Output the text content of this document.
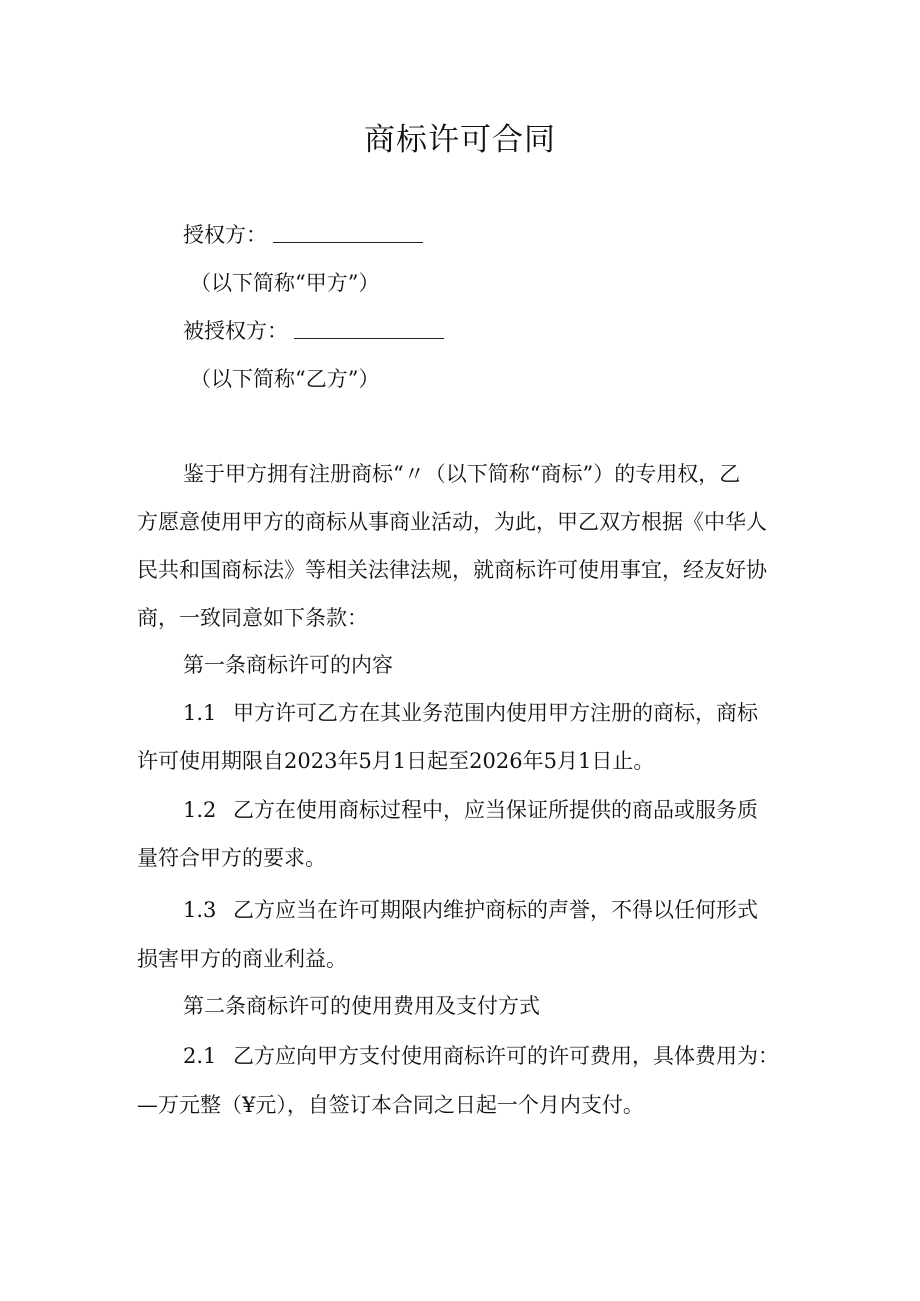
商标许可合同
授权方：
（以下简称“甲方”）
被授权方：
（以下简称“乙方”）
鉴于甲方拥有注册商标“〃（以下简称“商标”）的专用权，乙
方愿意使用甲方的商标从事商业活动，为此，甲乙双方根据《中华人
民共和国商标法》等相关法律法规，就商标许可使用事宜，经友好协
商，一致同意如下条款：
第一条商标许可的内容
1.1 甲方许可乙方在其业务范围内使用甲方注册的商标，商标
许可使用期限自2023年5月1日起至2026年5月1日止。
1.2 乙方在使用商标过程中，应当保证所提供的商品或服务质
量符合甲方的要求。
1.3 乙方应当在许可期限内维护商标的声誉，不得以任何形式
损害甲方的商业利益。
第二条商标许可的使用费用及支付方式
2.1 乙方应向甲方支付使用商标许可的许可费用，具体费用为：
—万元整（¥元），自签订本合同之日起一个月内支付。
